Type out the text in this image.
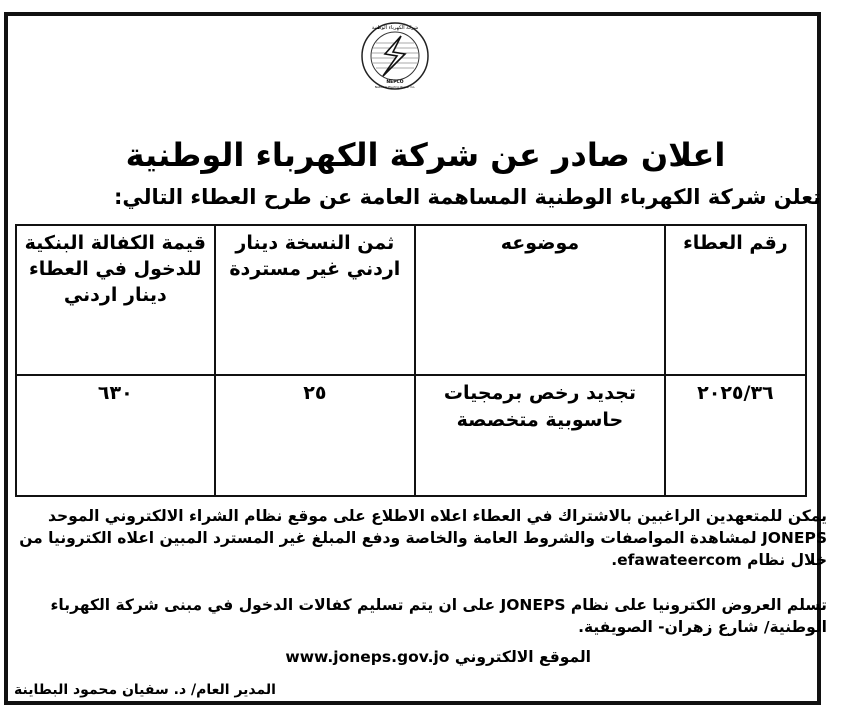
شركة الكهرباء الوطنية
NEPCO
National Electric Power Co.
اعلان صادر عن شركة الكهرباء الوطنية
تعلن شركة الكهرباء الوطنية المساهمة العامة عن طرح العطاء التالي:
رقم العطاء	موضوعه	ثمن النسخة دينار اردني غير مستردة	قيمة الكفالة البنكية للدخول في العطاء دينار اردني
٢٠٢٥/٣٦	تجديد رخص برمجيات حاسوبية متخصصة	٢٥	٦٣٠
يمكن للمتعهدين الراغبين بالاشتراك في العطاء اعلاه الاطلاع على موقع نظام الشراء الالكتروني الموحد JONEPS لمشاهدة المواصفات والشروط العامة والخاصة ودفع المبلغ غير المسترد المبين اعلاه الكترونيا من خلال نظام efawateercom.
تسلم العروض الكترونيا على نظام JONEPS على ان يتم تسليم كفالات الدخول في مبنى شركة الكهرباء الوطنية/ شارع زهران- الصويفية.
الموقع الالكتروني www.joneps.gov.jo
المدير العام/ د. سفيان محمود البطاينة
